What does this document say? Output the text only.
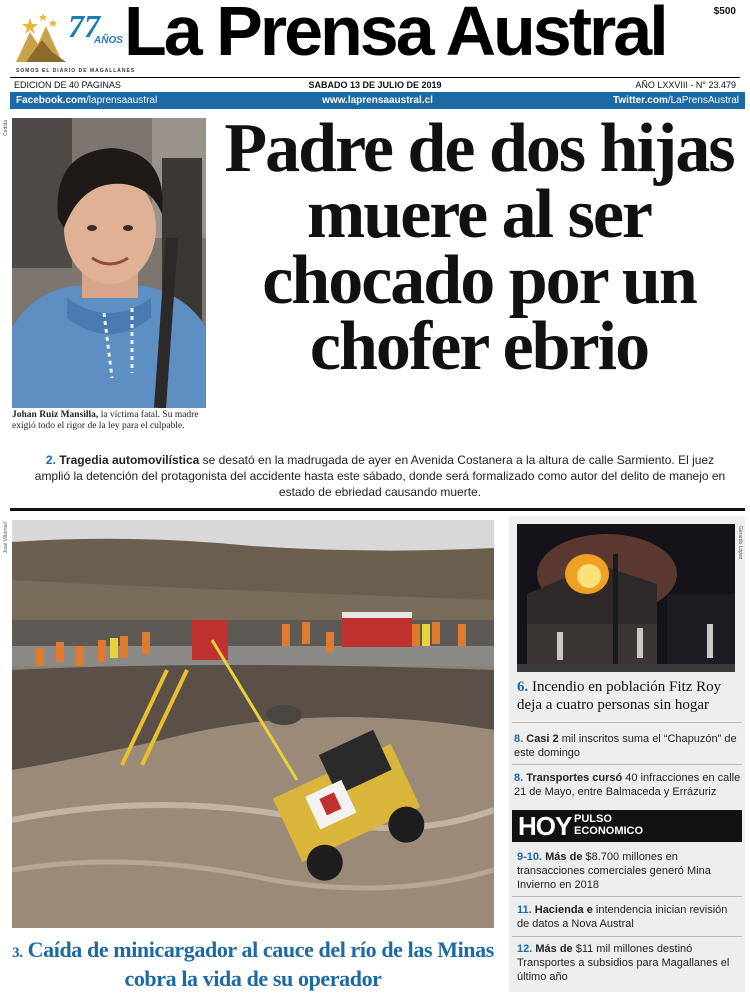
77
AÑOS
SOMOS EL DIARIO DE MAGALLANES
La Prensa Austral	$500
SABADO 13 DE JULIO DE 2019
EDICION DE 40 PAGINAS	AÑO LXXVIII - N° 23.479
www.laprensaaustral.cl
Facebook.com/laprensaaustral	Twitter.com/LaPrensAustral
Cedida
Johan Ruiz Mansilla, la víctima fatal. Su madre exigió todo el rigor de la ley para el culpable.
Padre de dos hijas muere al ser chocado por un chofer ebrio

2. Tragedia automovilística se desató en la madrugada de ayer en Avenida Costanera a la altura de calle Sarmiento. El juez amplió la detención del protagonista del accidente hasta este sábado, donde será formalizado como autor del delito de manejo en estado de ebriedad causando muerte.

José Villarroel
3. Caída de minicargador al cauce del río de las Minas cobra la vida de su operador
Gerardo López
6. Incendio en población Fitz Roy deja a cuatro personas sin hogar
8. Casi 2 mil inscritos suma el “Chapuzón” de este domingo
8. Transportes cursó 40 infracciones en calle 21 de Mayo, entre Balmaceda y Errázuriz
HOY PULSO
ECONOMICO
9-10. Más de $8.700 millones en transacciones comerciales generó Mina Invierno en 2018
11. Hacienda e intendencia inician revisión de datos a Nova Austral
12. Más de $11 mil millones destinó Transportes a subsidios para Magallanes el último año
